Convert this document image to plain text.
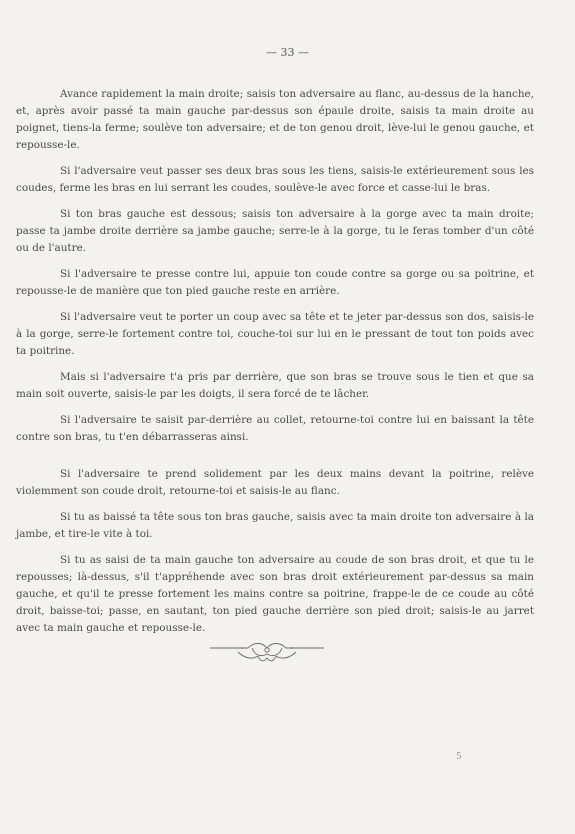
— 33 —

Avance rapidement la main droite; saisis ton adversaire au flanc, au-dessus de la hanche, et, après avoir passé ta main gauche par-dessus son épaule droite, saisis ta main droite au poignet, tiens-la ferme; soulève ton adversaire; et de ton genou droit, lève-lui le genou gauche, et repousse-le.

Si l'adversaire veut passer ses deux bras sous les tiens, saisis-le extérieurement sous les coudes, ferme les bras en lui serrant les coudes, soulève-le avec force et casse-lui le bras.

Si ton bras gauche est dessous; saisis ton adversaire à la gorge avec ta main droite; passe ta jambe droite derrière sa jambe gauche; serre-le à la gorge, tu le feras tomber d'un côté ou de l'autre.

Si l'adversaire te presse contre lui, appuie ton coude contre sa gorge ou sa poitrine, et repousse-le de manière que ton pied gauche reste en arrière.

Si l'adversaire veut te porter un coup avec sa tête et te jeter par-dessus son dos, saisis-le à la gorge, serre-le fortement contre toi, couche-toi sur lui en le pressant de tout ton poids avec ta poitrine.

Mais si l'adversaire t'a pris par derrière, que son bras se trouve sous le tien et que sa main soit ouverte, saisis-le par les doigts, il sera forcé de te lâcher.

Si l'adversaire te saisit par-derrière au collet, retourne-toi contre lui en baissant la tête contre son bras, tu t'en débarrasseras ainsi.

Si l'adversaire te prend solidement par les deux mains devant la poitrine, relève violemment son coude droit, retourne-toi et saisis-le au flanc.

Si tu as baissé ta tête sous ton bras gauche, saisis avec ta main droite ton adversaire à la jambe, et tire-le vite à toi.

Si tu as saisi de ta main gauche ton adversaire au coude de son bras droit, et que tu le repousses; là-dessus, s'il t'appréhende avec son bras droit extérieurement par-dessus sa main gauche, et qu'il te presse fortement les mains contre sa poitrine, frappe-le de ce coude au côté droit, baisse-toi; passe, en sautant, ton pied gauche derrière son pied droit; saisis-le au jarret avec ta main gauche et repousse-le.

5
